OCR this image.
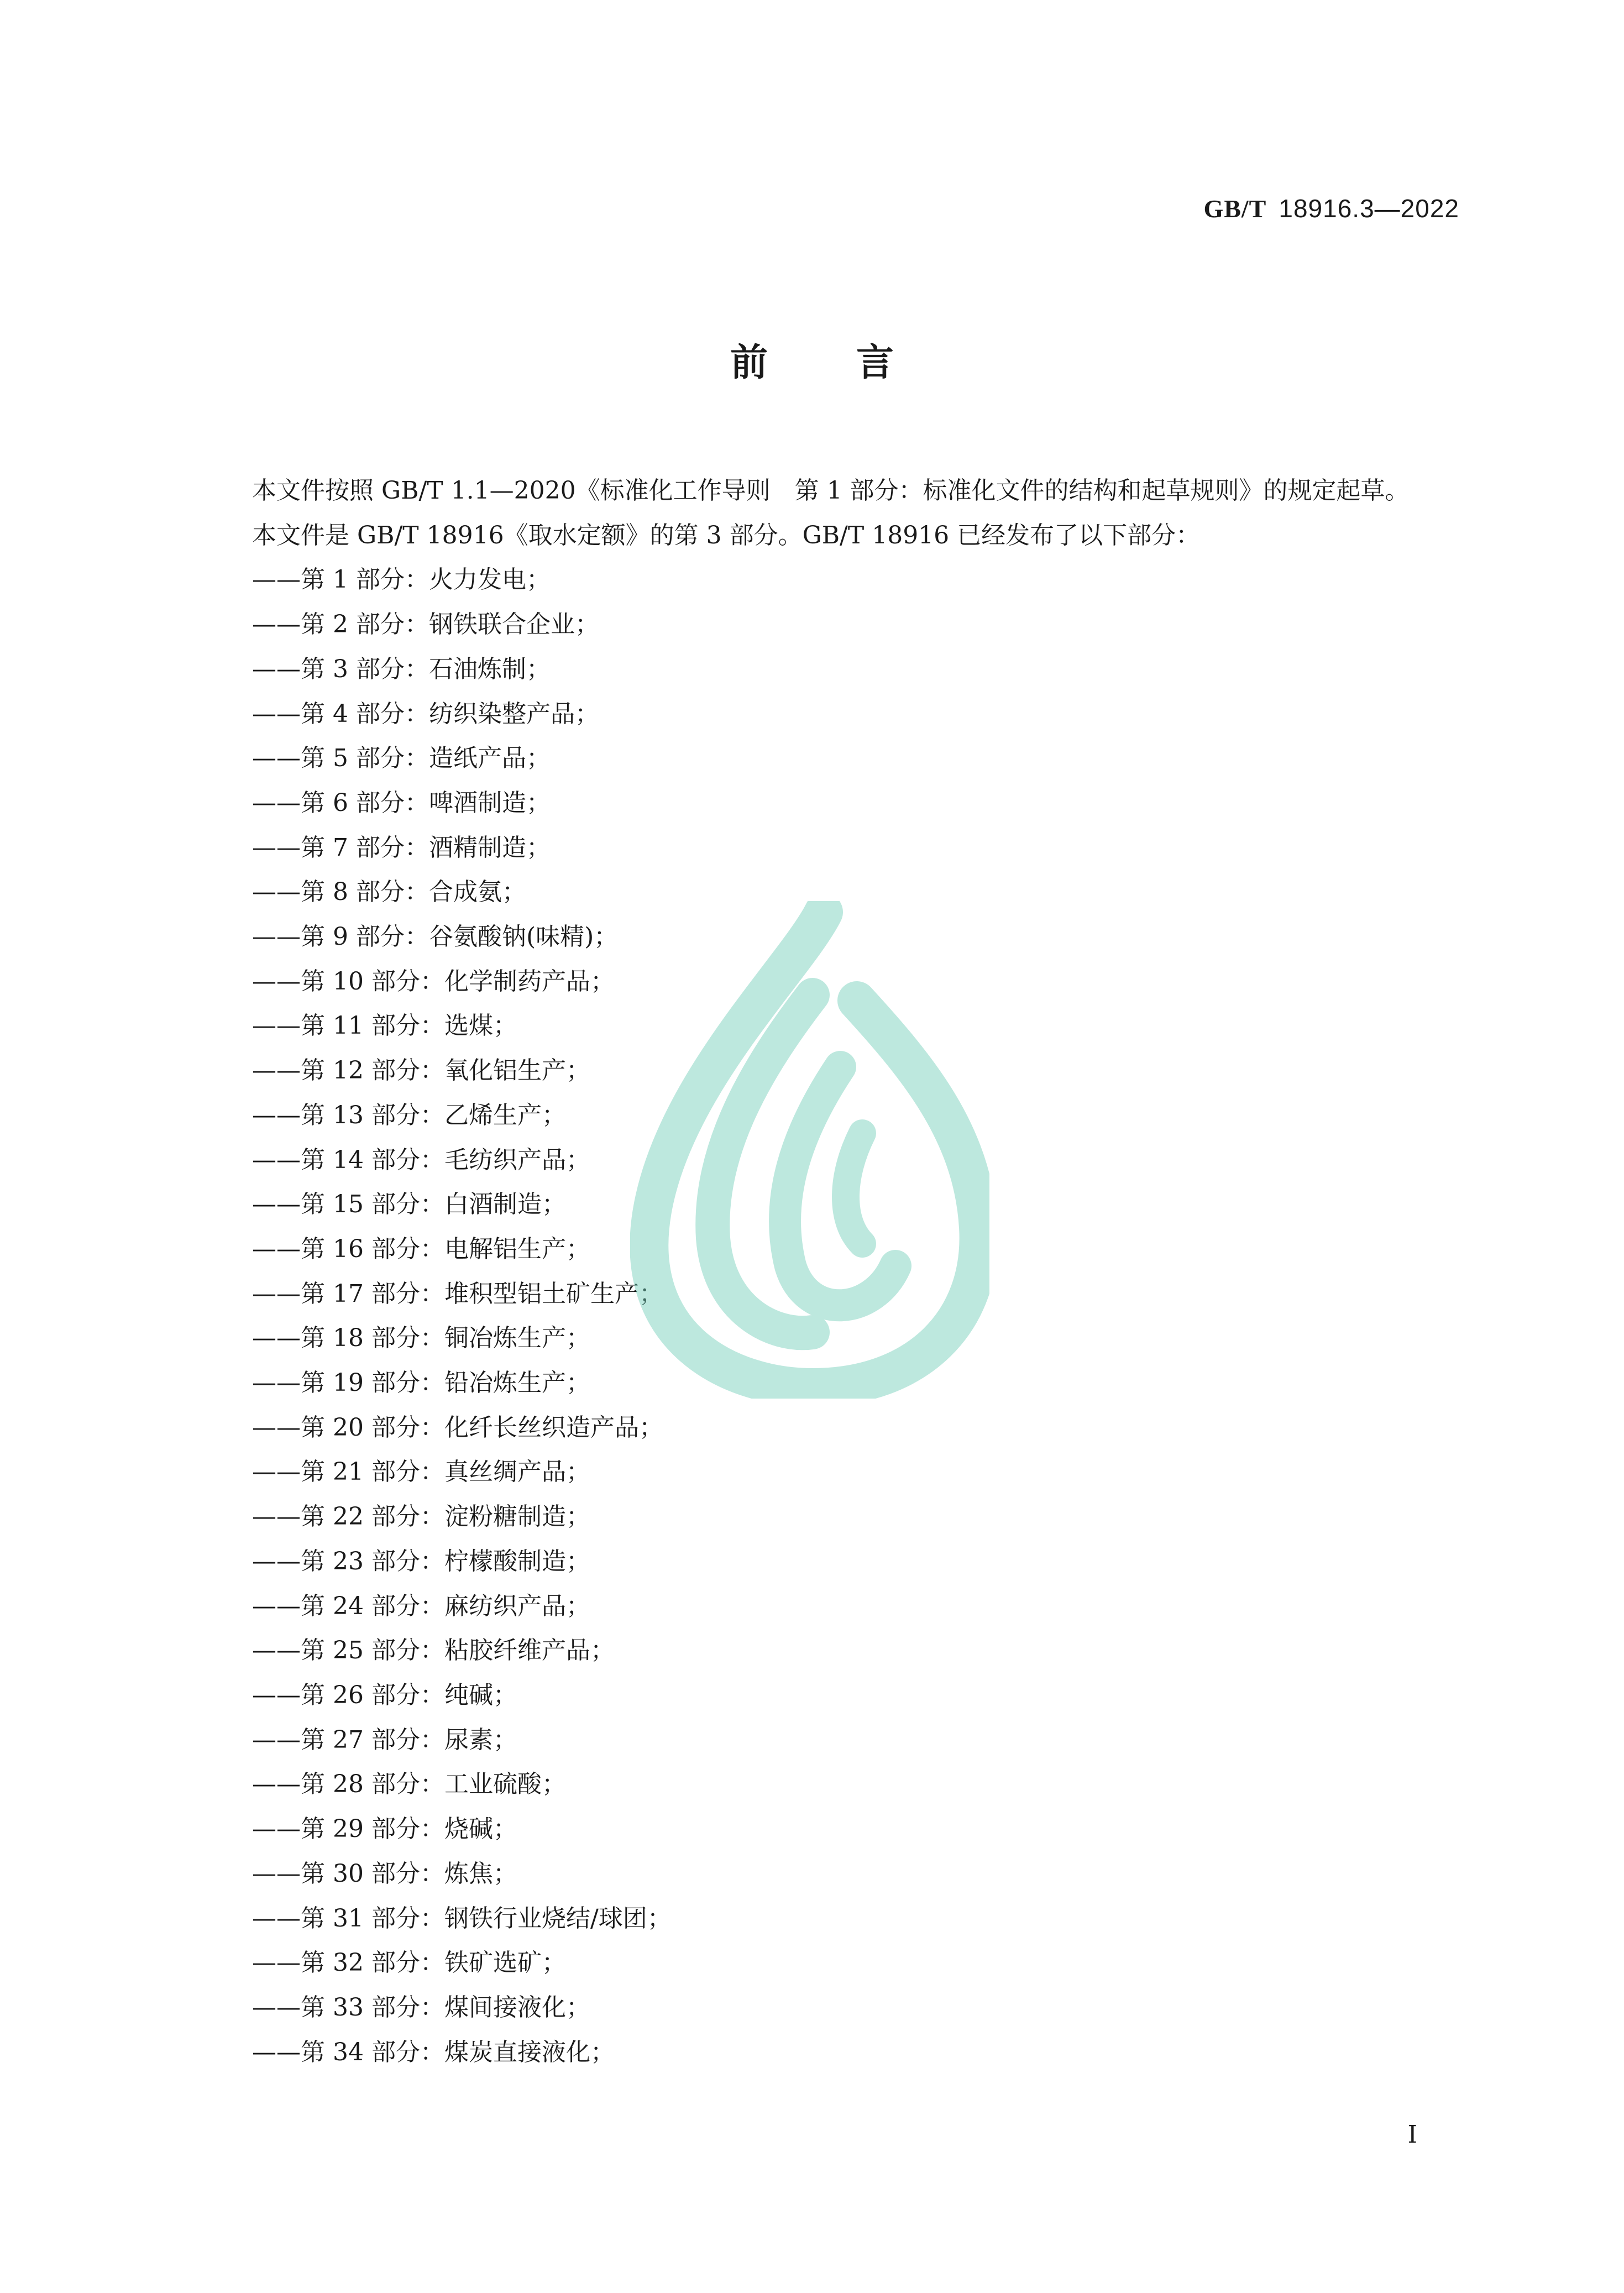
GB/T 18916.3—2022
前言

本文件按照 GB/T 1.1—2020《标准化工作导则　第 1 部分：标准化文件的结构和起草规则》的规定起草。

本文件是 GB/T 18916《取水定额》的第 3 部分。GB/T 18916 已经发布了以下部分：

——第 1 部分：火力发电；

——第 2 部分：钢铁联合企业；

——第 3 部分：石油炼制；

——第 4 部分：纺织染整产品；

——第 5 部分：造纸产品；

——第 6 部分：啤酒制造；

——第 7 部分：酒精制造；

——第 8 部分：合成氨；

——第 9 部分：谷氨酸钠(味精)；

——第 10 部分：化学制药产品；

——第 11 部分：选煤；

——第 12 部分：氧化铝生产；

——第 13 部分：乙烯生产；

——第 14 部分：毛纺织产品；

——第 15 部分：白酒制造；

——第 16 部分：电解铝生产；

——第 17 部分：堆积型铝土矿生产；

——第 18 部分：铜冶炼生产；

——第 19 部分：铅冶炼生产；

——第 20 部分：化纤长丝织造产品；

——第 21 部分：真丝绸产品；

——第 22 部分：淀粉糖制造；

——第 23 部分：柠檬酸制造；

——第 24 部分：麻纺织产品；

——第 25 部分：粘胶纤维产品；

——第 26 部分：纯碱；

——第 27 部分：尿素；

——第 28 部分：工业硫酸；

——第 29 部分：烧碱；

——第 30 部分：炼焦；

——第 31 部分：钢铁行业烧结/球团；

——第 32 部分：铁矿选矿；

——第 33 部分：煤间接液化；

——第 34 部分：煤炭直接液化；

I
